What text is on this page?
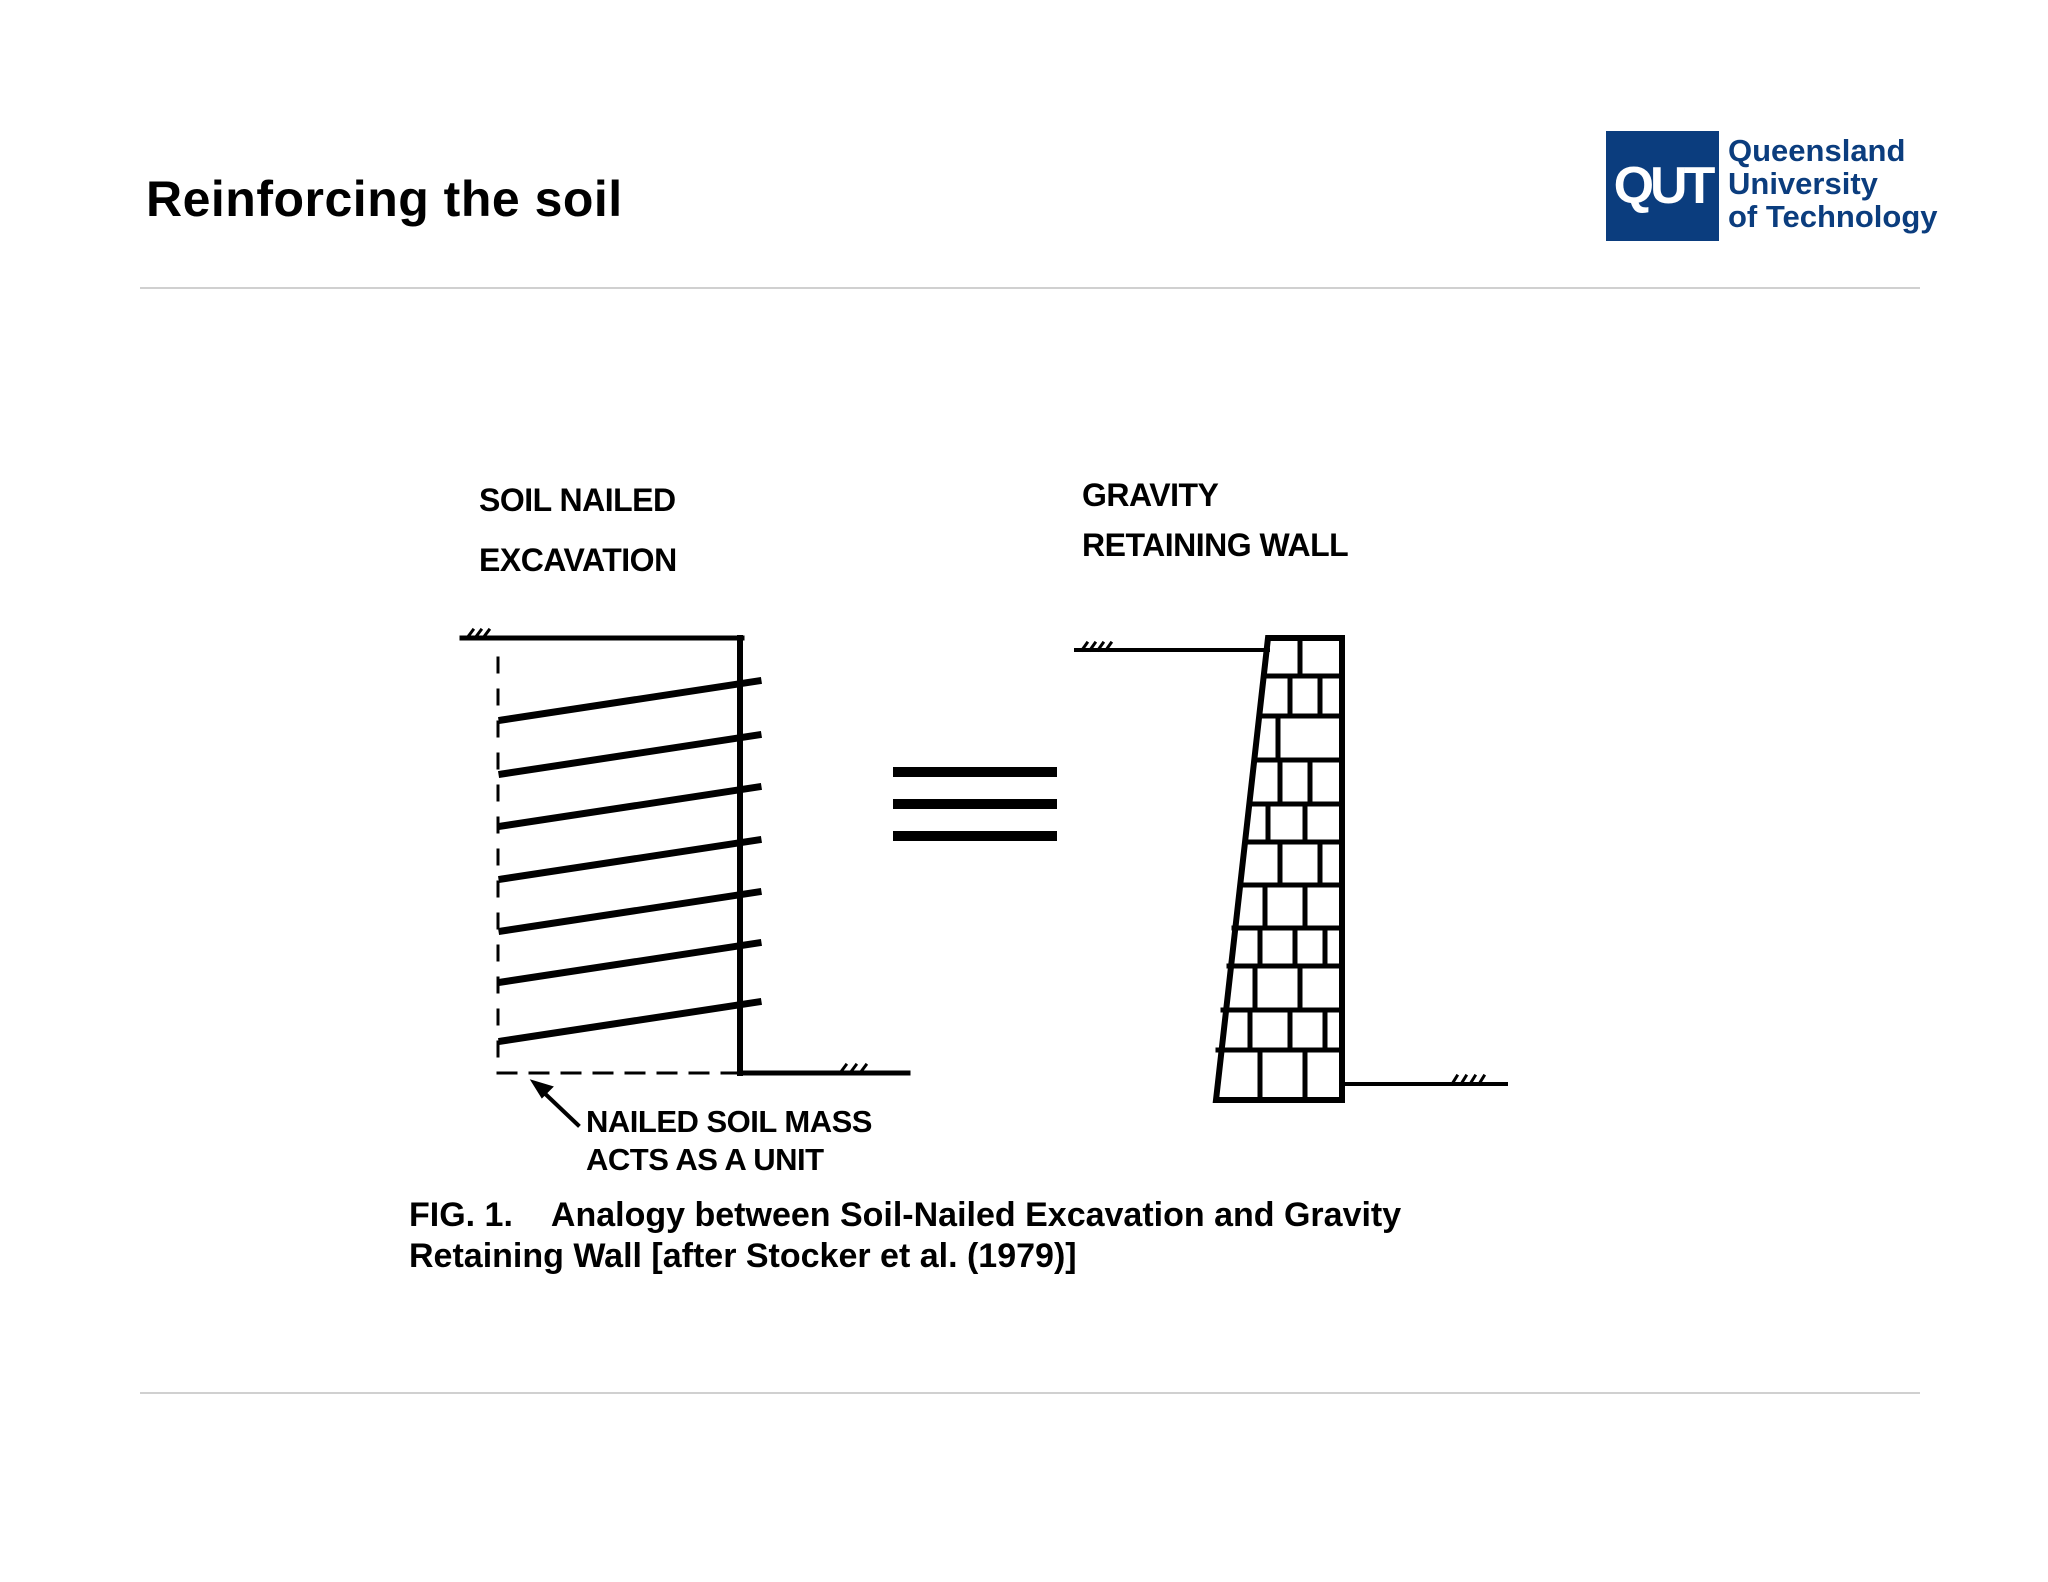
Reinforcing the soil	QUT
Queensland
University
of Technology
SOIL NAILED
EXCAVATION
GRAVITY
RETAINING WALL
NAILED SOIL MASS
ACTS AS A UNIT
FIG. 1. Analogy between Soil-Nailed Excavation and Gravity
Retaining Wall [after Stocker et al. (1979)]
